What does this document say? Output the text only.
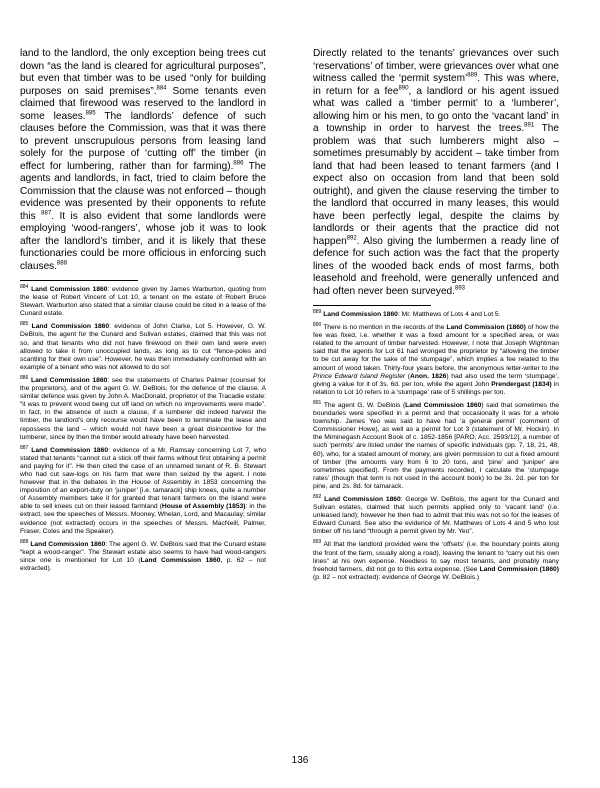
land to the landlord, the only exception being trees cut down “as the land is cleared for agricultural purposes”, but even that timber was to be used “only for building purposes on said premises”.$^{884}$ Some tenants even claimed that firewood was reserved to the landlord in some leases.$^{885}$ The landlords’ defence of such clauses before the Commission, was that it was there to prevent unscrupulous persons from leasing land solely for the purpose of ‘cutting off’ the timber (in effect for lumbering, rather than for farming).$^{886}$ The agents and landlords, in fact, tried to claim before the Commission that the clause was not enforced – though evidence was presented by their opponents to refute this $^{887}$. It is also evident that some landlords were employing ‘wood-rangers’, whose job it was to look after the landlord’s timber, and it is likely that these functionaries could be more officious in enforcing such clauses.$^{888}$

$^{884}$ Land Commission 1860: evidence given by James Warburton, quoting from the lease of Robert Vincent of Lot 10, a tenant on the estate of Robert Bruce Stewart. Warburton also stated that a similar clause could be cited in a lease of the Cunard estate.

$^{885}$ Land Commission 1860: evidence of John Clarke, Lot 5. However, G. W. DeBlois, the agent for the Cunard and Sulivan estates, claimed that this was not so, and that tenants who did not have firewood on their own land were even allowed to take it from unoccupied lands, as long as to cut “fence-poles and scantling for their own use”. However, he was then immediately confronted with an example of a tenant who was not allowed to do so!

$^{886}$ Land Commission 1860: see the statements of Charles Palmer (counsel for the proprietors), and of the agent G. W. DeBlois, for the defence of the clause. A similar defence was given by John A. MacDonald, proprietor of the Tracadie estate: “it was to prevent wood being cut off land on which no improvements were made”. In fact, in the absence of such a clause, if a lumberer did indeed harvest the timber, the landlord’s only recourse would have been to terminate the lease and repossess the land – which would not have been a great disincentive for the lumberer, since by then the timber would already have been harvested.

$^{887}$ Land Commission 1860: evidence of a Mr. Ramsay concerning Lot 7, who stated that tenants “cannot cut a stick off their farms without first obtaining a permit and paying for it”. He then cited the case of an unnamed tenant of R. B. Stewart who had cut saw-logs on his farm that were then seized by the agent. I note however that in the debates in the House of Assembly in 1853 concerning the imposition of an export-duty on ‘juniper’ [i.e. tamarack] ship knees, quite a number of Assembly members take it for granted that tenant farmers on the island were able to sell knees cut on their leased farmland (House of Assembly (1853): in the extract, see the speeches of Messrs. Mooney, Whelan, Lord, and Macaulay; similar evidence (not extracted) occurs in the speeches of Messrs. MacNeill, Palmer, Fraser, Coles and the Speaker).

$^{888}$ Land Commission 1860: The agent G. W. DeBlois said that the Cunard estate “kept a wood-ranger”. The Stewart estate also seems to have had wood-rangers since one is mentioned for Lot 10 (Land Commission 1860, p. 62 – not extracted).

Directly related to the tenants’ grievances over such ‘reservations’ of timber, were grievances over what one witness called the ‘permit system’$^{889}$. This was where, in return for a fee$^{890}$, a landlord or his agent issued what was called a ‘timber permit’ to a ‘lumberer’, allowing him or his men, to go onto the ‘vacant land’ in a township in order to harvest the trees.$^{891}$ The problem was that such lumberers might also – sometimes presumably by accident – take timber from land that had been leased to tenant farmers (and I expect also on occasion from land that been sold outright), and given the clause reserving the timber to the landlord that occurred in many leases, this would have been perfectly legal, despite the claims by landlords or their agents that the practice did not happen$^{892}$. Also giving the lumbermen a ready line of defence for such action was the fact that the property lines of the wooded back ends of most farms, both leasehold and freehold, were generally unfenced and had often never been surveyed.$^{893}$

$^{889}$ Land Commission 1860: Mr. Matthews of Lots 4 and Lot 5.

$^{890}$ There is no mention in the records of the Land Commission (1860) of how the fee was fixed, i.e. whether it was a fixed amount for a specified area, or was related to the amount of timber harvested. However, I note that Joseph Wightman said that the agents for Lot 61 had wronged the proprietor by “allowing the timber to be cut away for the sake of the stumpage”, which implies a fee related to the amount of wood taken. Thirty-four years before, the anonymous letter-writer to the Prince Edward Island Register (Anon. 1826) had also used the term ‘stumpage’, giving a value for it of 3s. 6d. per ton, while the agent John Prendergast (1834) in relation to Lot 10 refers to a ‘stumpage’ rate of 5 shillings per ton.

$^{891}$ The agent G. W. DeBlois (Land Commission 1860) said that sometimes the boundaries were specified in a permit and that occasionally it was for a whole township. James Yeo was said to have had ‘a general permit’ (comment of Commissioner Howe), as well as a permit for Lot 3 (statement of Mr. Hockin). In the Miminegash Account Book of c. 1852-1856 [PARO, Acc. 2593/12], a number of such ‘permits’ are listed under the names of specific individuals (pp. 7, 18, 21, 48, 60), who, for a stated amount of money, are given permission to cut a fixed amount of timber (the amounts vary from 6 to 20 tons, and ‘pine’ and ‘juniper’ are sometimes specified). From the payments recorded, I calculate the ‘stumpage rates’ (though that term is not used in the account book) to be 3s. 2d. per ton for pine, and 2s. 8d. for tamarack.

$^{892}$ Land Commission 1860: George W. DeBlois, the agent for the Cunard and Sulivan estates, claimed that such permits applied only to ‘vacant land’ (i.e. unleased land); however he then had to admit that this was not so for the leases of Edward Cunard. See also the evidence of Mr. Matthews of Lots 4 and 5 who lost timber off his land “through a permit given by Mr. Yeo”.

$^{893}$ All that the landlord provided were the ‘offsets’ (i.e. the boundary points along the front of the farm, usually along a road), leaving the tenant to “carry out his own lines” at his own expense. Needless to say most tenants, and probably many freehold farmers, did not go to this extra expense. (See Land Commission (1860) (p. 82 – not extracted): evidence of George W. DeBlois.)

136
